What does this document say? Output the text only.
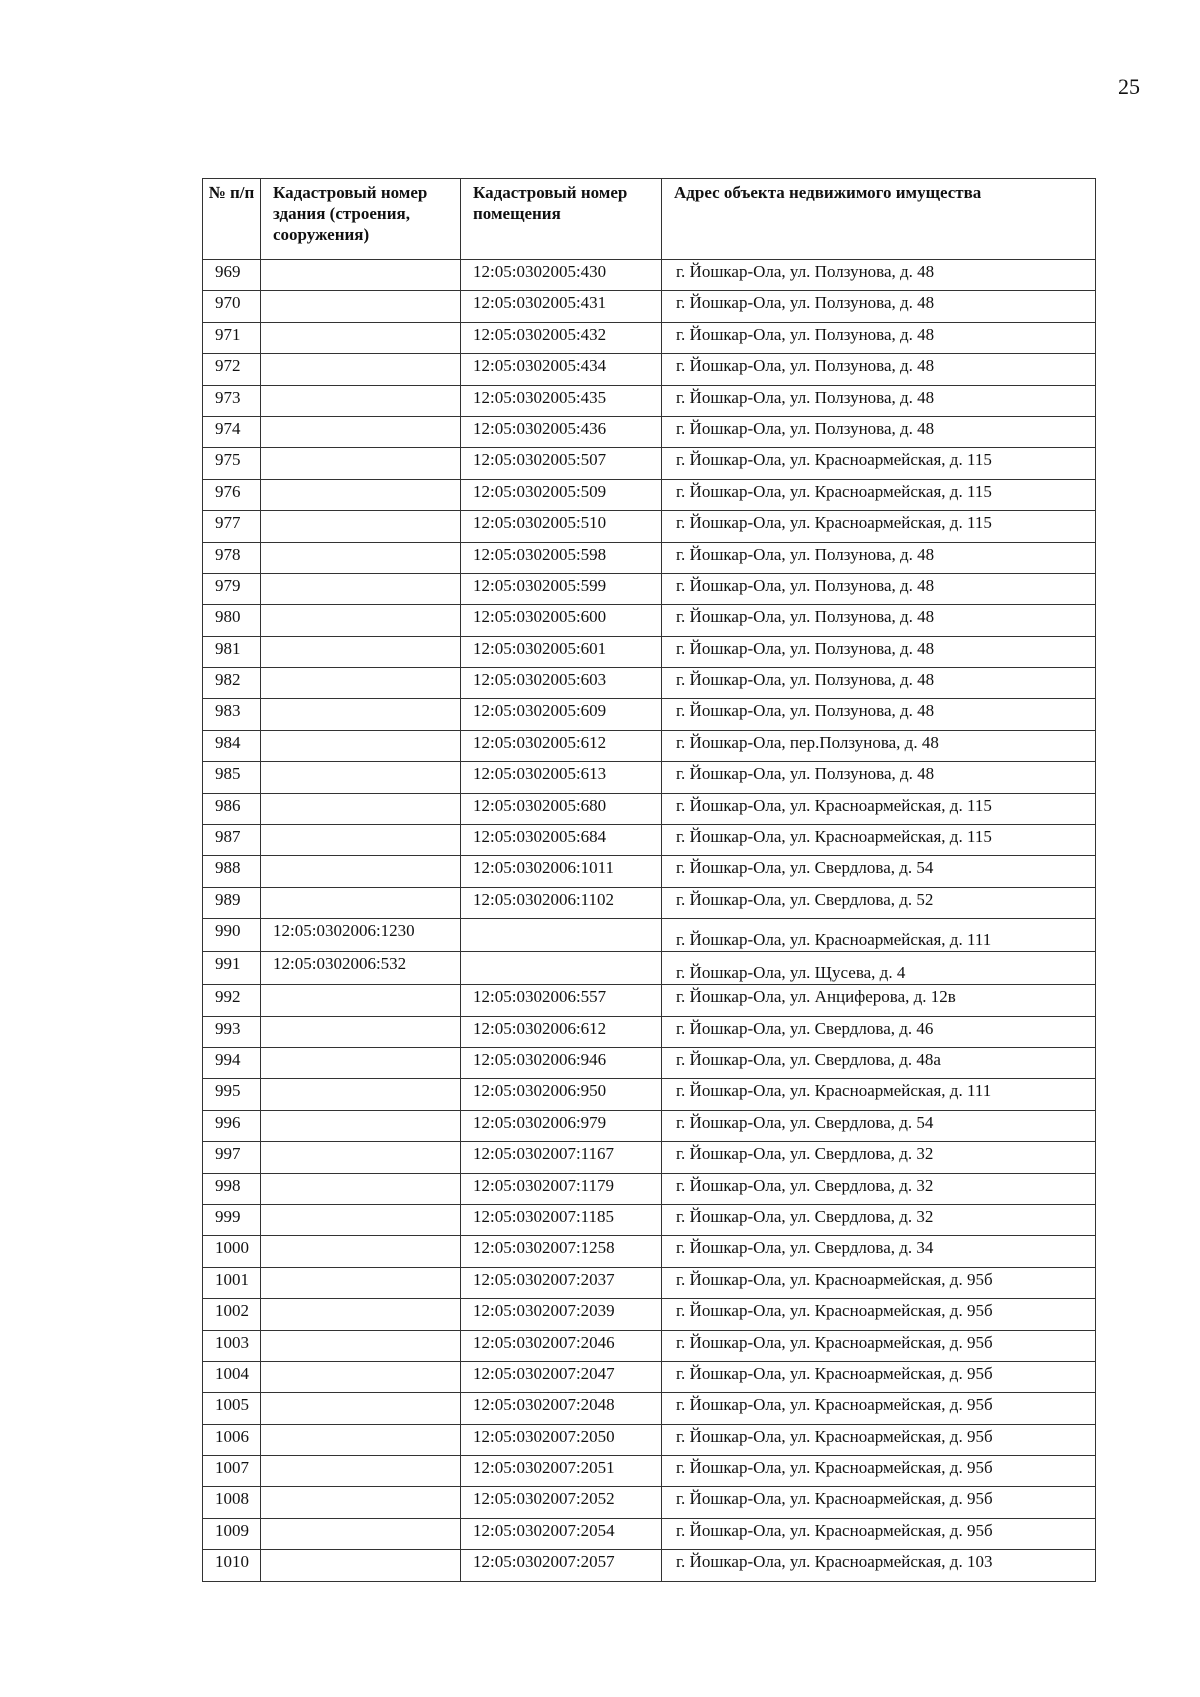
25
№ п/п	Кадастровый номер здания (строения, сооружения)	Кадастровый номер помещения	Адрес объекта недвижимого имущества
969		12:05:0302005:430	г. Йошкар-Ола, ул. Ползунова, д. 48
970		12:05:0302005:431	г. Йошкар-Ола, ул. Ползунова, д. 48
971		12:05:0302005:432	г. Йошкар-Ола, ул. Ползунова, д. 48
972		12:05:0302005:434	г. Йошкар-Ола, ул. Ползунова, д. 48
973		12:05:0302005:435	г. Йошкар-Ола, ул. Ползунова, д. 48
974		12:05:0302005:436	г. Йошкар-Ола, ул. Ползунова, д. 48
975		12:05:0302005:507	г. Йошкар-Ола, ул. Красноармейская, д. 115
976		12:05:0302005:509	г. Йошкар-Ола, ул. Красноармейская, д. 115
977		12:05:0302005:510	г. Йошкар-Ола, ул. Красноармейская, д. 115
978		12:05:0302005:598	г. Йошкар-Ола, ул. Ползунова, д. 48
979		12:05:0302005:599	г. Йошкар-Ола, ул. Ползунова, д. 48
980		12:05:0302005:600	г. Йошкар-Ола, ул. Ползунова, д. 48
981		12:05:0302005:601	г. Йошкар-Ола, ул. Ползунова, д. 48
982		12:05:0302005:603	г. Йошкар-Ола, ул. Ползунова, д. 48
983		12:05:0302005:609	г. Йошкар-Ола, ул. Ползунова, д. 48
984		12:05:0302005:612	г. Йошкар-Ола, пер.Ползунова, д. 48
985		12:05:0302005:613	г. Йошкар-Ола, ул. Ползунова, д. 48
986		12:05:0302005:680	г. Йошкар-Ола, ул. Красноармейская, д. 115
987		12:05:0302005:684	г. Йошкар-Ола, ул. Красноармейская, д. 115
988		12:05:0302006:1011	г. Йошкар-Ола, ул. Свердлова, д. 54
989		12:05:0302006:1102	г. Йошкар-Ола, ул. Свердлова, д. 52
990	12:05:0302006:1230		г. Йошкар-Ола, ул. Красноармейская, д. 111
991	12:05:0302006:532		г. Йошкар-Ола, ул. Щусева, д. 4
992		12:05:0302006:557	г. Йошкар-Ола, ул. Анциферова, д. 12в
993		12:05:0302006:612	г. Йошкар-Ола, ул. Свердлова, д. 46
994		12:05:0302006:946	г. Йошкар-Ола, ул. Свердлова, д. 48а
995		12:05:0302006:950	г. Йошкар-Ола, ул. Красноармейская, д. 111
996		12:05:0302006:979	г. Йошкар-Ола, ул. Свердлова, д. 54
997		12:05:0302007:1167	г. Йошкар-Ола, ул. Свердлова, д. 32
998		12:05:0302007:1179	г. Йошкар-Ола, ул. Свердлова, д. 32
999		12:05:0302007:1185	г. Йошкар-Ола, ул. Свердлова, д. 32
1000		12:05:0302007:1258	г. Йошкар-Ола, ул. Свердлова, д. 34
1001		12:05:0302007:2037	г. Йошкар-Ола, ул. Красноармейская, д. 95б
1002		12:05:0302007:2039	г. Йошкар-Ола, ул. Красноармейская, д. 95б
1003		12:05:0302007:2046	г. Йошкар-Ола, ул. Красноармейская, д. 95б
1004		12:05:0302007:2047	г. Йошкар-Ола, ул. Красноармейская, д. 95б
1005		12:05:0302007:2048	г. Йошкар-Ола, ул. Красноармейская, д. 95б
1006		12:05:0302007:2050	г. Йошкар-Ола, ул. Красноармейская, д. 95б
1007		12:05:0302007:2051	г. Йошкар-Ола, ул. Красноармейская, д. 95б
1008		12:05:0302007:2052	г. Йошкар-Ола, ул. Красноармейская, д. 95б
1009		12:05:0302007:2054	г. Йошкар-Ола, ул. Красноармейская, д. 95б
1010		12:05:0302007:2057	г. Йошкар-Ола, ул. Красноармейская, д. 103
